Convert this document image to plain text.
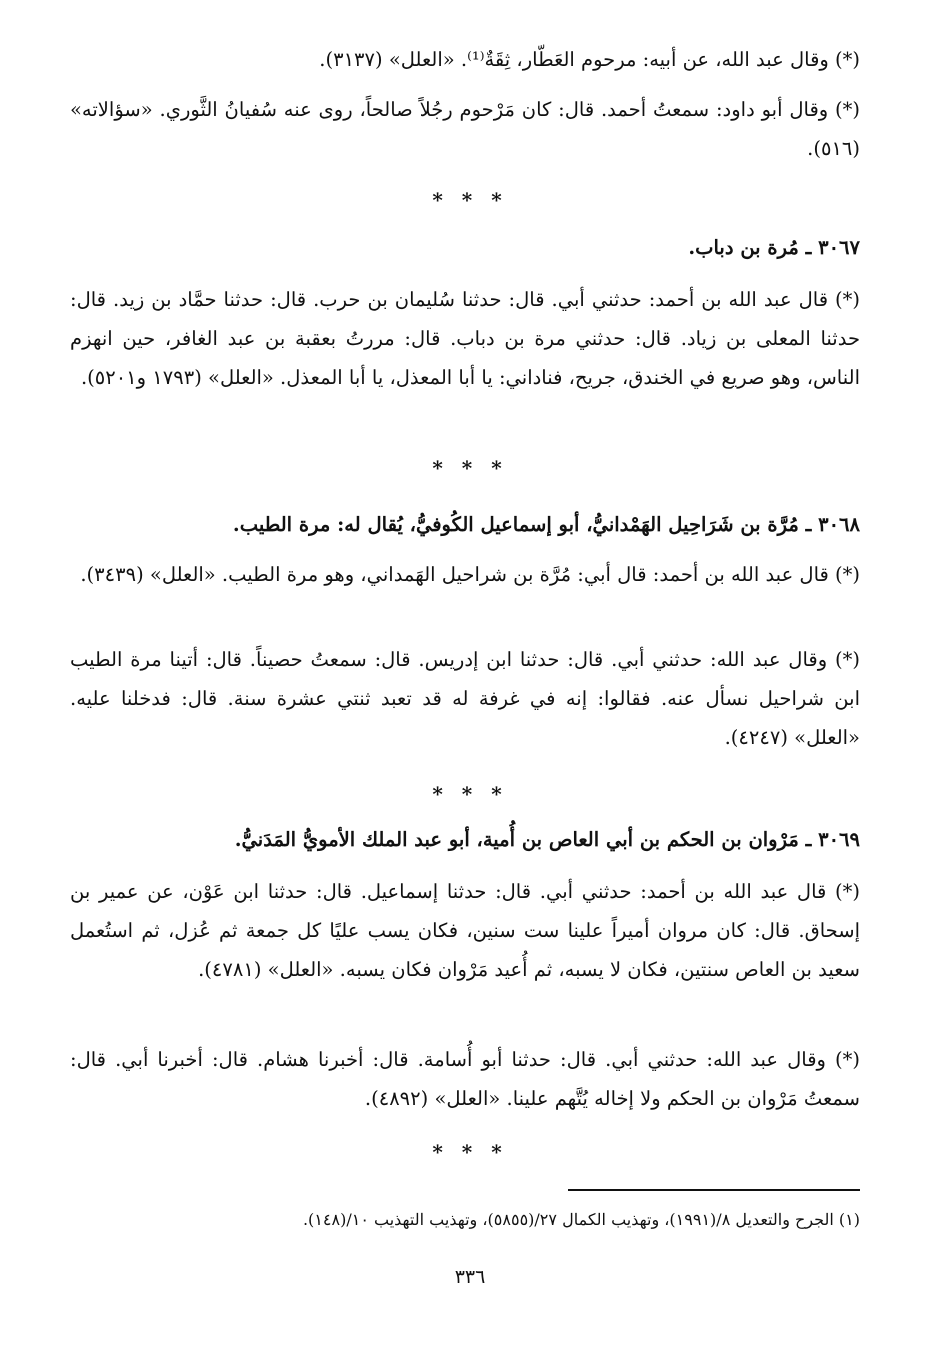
(*) وقال عبد الله، عن أبيه: مرحوم العَطّار، ثِقَةٌ⁽¹⁾. «العلل» (٣١٣٧).

(*) وقال أبو داود: سمعتُ أحمد. قال: كان مَرْحوم رجُلاً صالحاً، روى عنه سُفيانُ الثَّوري. «سؤالاته» (٥١٦).

* * *

٣٠٦٧ ـ مُرة بن دباب.

(*) قال عبد الله بن أحمد: حدثني أبي. قال: حدثنا سُليمان بن حرب. قال: حدثنا حمَّاد بن زيد. قال: حدثنا المعلى بن زياد. قال: حدثني مرة بن دباب. قال: مررتُ بعقبة بن عبد الغافر، حين انهزم الناس، وهو صريع في الخندق، جريح، فناداني: يا أبا المعذل، يا أبا المعذل. «العلل» (١٧٩٣ و٥٢٠١).

* * *

٣٠٦٨ ـ مُرَّة بن شَرَاحِيل الهَمْدانيُّ، أبو إسماعيل الكُوفيُّ، يُقال له: مرة الطيب.

(*) قال عبد الله بن أحمد: قال أبي: مُرَّة بن شراحيل الهَمداني، وهو مرة الطيب. «العلل» (٣٤٣٩).

(*) وقال عبد الله: حدثني أبي. قال: حدثنا ابن إدريس. قال: سمعتُ حصيناً. قال: أتينا مرة الطيب ابن شراحيل نسأل عنه. فقالوا: إنه في غرفة له قد تعبد ثنتي عشرة سنة. قال: فدخلنا عليه. «العلل» (٤٢٤٧).

* * *

٣٠٦٩ ـ مَرْوان بن الحكم بن أبي العاص بن أُمية، أبو عبد الملك الأمويُّ المَدَنيُّ.

(*) قال عبد الله بن أحمد: حدثني أبي. قال: حدثنا إسماعيل. قال: حدثنا ابن عَوْن، عن عمير بن إسحاق. قال: كان مروان أميراً علينا ست سنين، فكان يسب عليًا كل جمعة ثم عُزل، ثم استُعمل سعيد بن العاص سنتين، فكان لا يسبه، ثم أُعيد مَرْوان فكان يسبه. «العلل» (٤٧٨١).

(*) وقال عبد الله: حدثني أبي. قال: حدثنا أبو أُسامة. قال: أخبرنا هشام. قال: أخبرنا أبي. قال: سمعتُ مَرْوان بن الحكم ولا إخاله يُتَّهم علينا. «العلل» (٤٨٩٢).

* * *

(١) الجرح والتعديل ٨/(١٩٩١)، وتهذيب الكمال ٢٧/(٥٨٥٥)، وتهذيب التهذيب ١٠/(١٤٨).

٣٣٦
